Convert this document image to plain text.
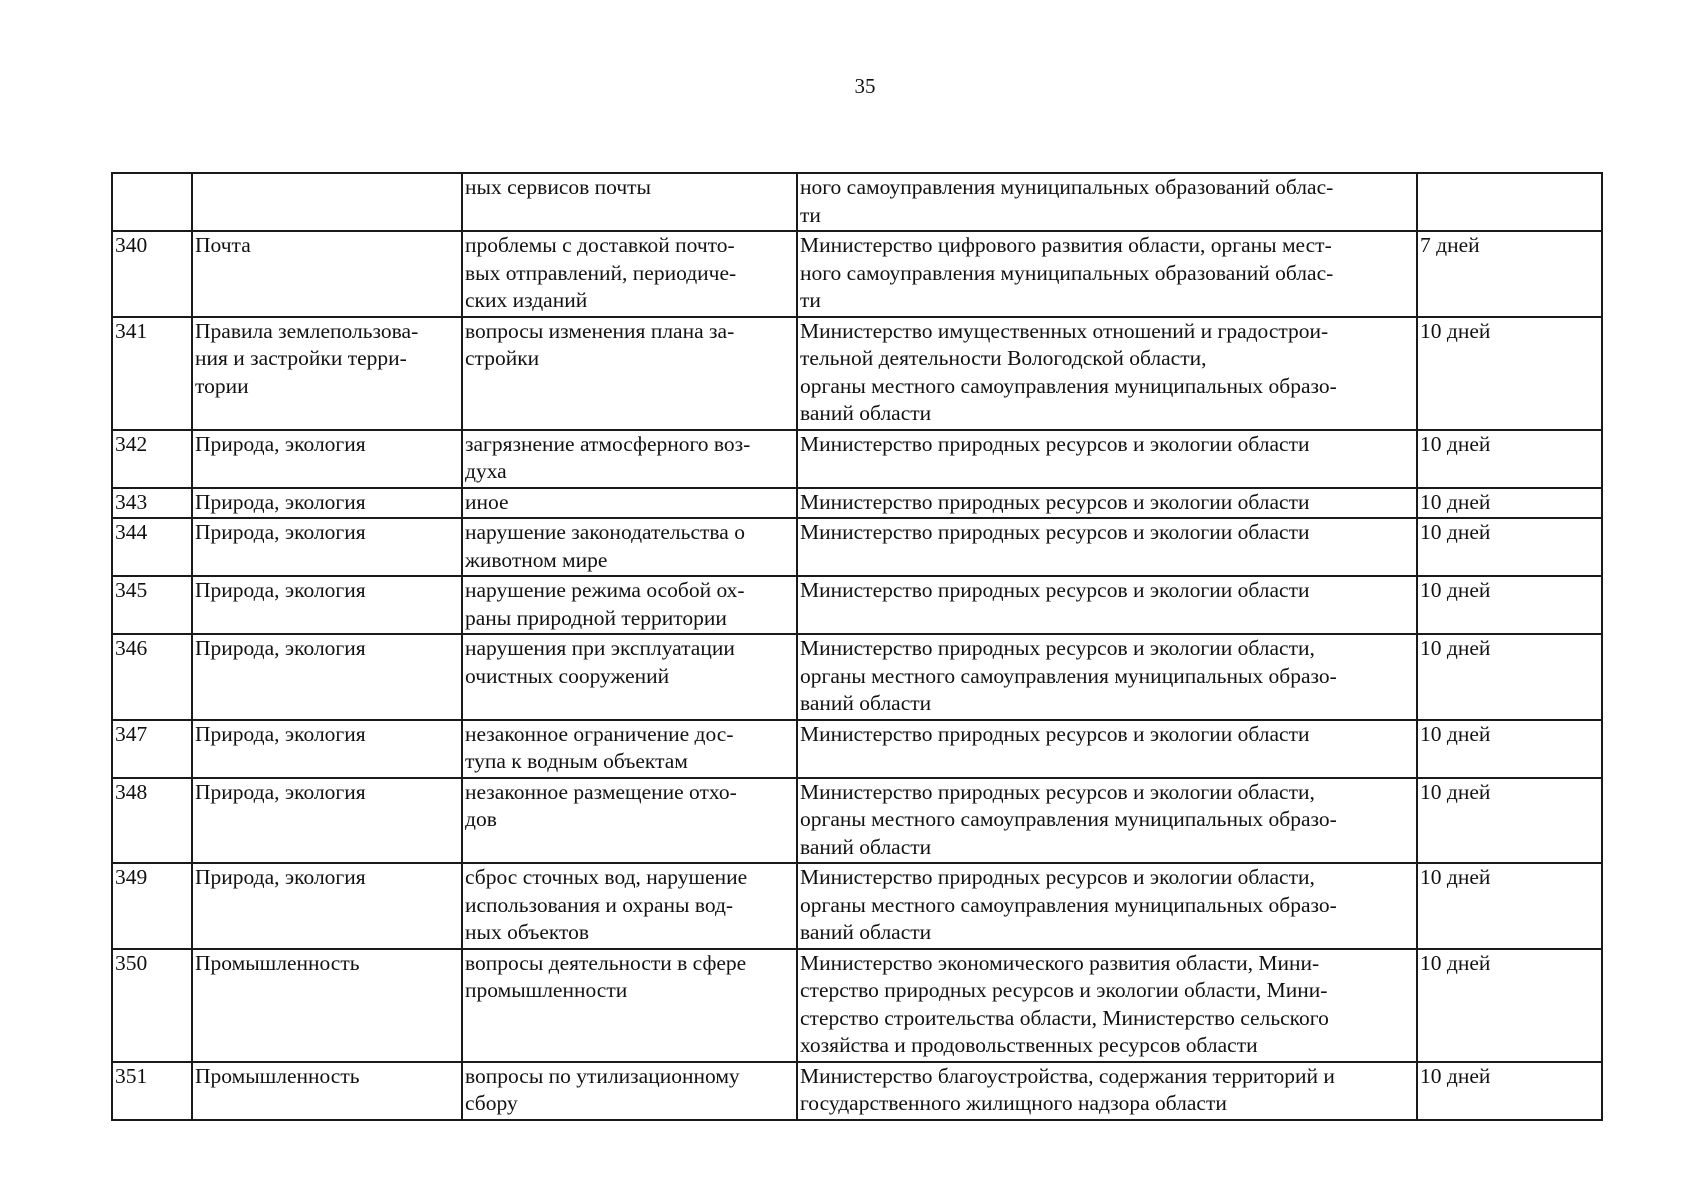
35
		ных сервисов почты	ного самоуправления муниципальных образований облас-
ти	
340	Почта	проблемы с доставкой почто-
вых отправлений, периодиче-
ских изданий	Министерство цифрового развития области, органы мест-
ного самоуправления муниципальных образований облас-
ти	7 дней
341	Правила землепользова-
ния и застройки терри-
тории	вопросы изменения плана за-
стройки	Министерство имущественных отношений и градострои-
тельной деятельности Вологодской области,
органы местного самоуправления муниципальных образо-
ваний области	10 дней
342	Природа, экология	загрязнение атмосферного воз-
духа	Министерство природных ресурсов и экологии области	10 дней
343	Природа, экология	иное	Министерство природных ресурсов и экологии области	10 дней
344	Природа, экология	нарушение законодательства о
животном мире	Министерство природных ресурсов и экологии области	10 дней
345	Природа, экология	нарушение режима особой ох-
раны природной территории	Министерство природных ресурсов и экологии области	10 дней
346	Природа, экология	нарушения при эксплуатации
очистных сооружений	Министерство природных ресурсов и экологии области,
органы местного самоуправления муниципальных образо-
ваний области	10 дней
347	Природа, экология	незаконное ограничение дос-
тупа к водным объектам	Министерство природных ресурсов и экологии области	10 дней
348	Природа, экология	незаконное размещение отхо-
дов	Министерство природных ресурсов и экологии области,
органы местного самоуправления муниципальных образо-
ваний области	10 дней
349	Природа, экология	сброс сточных вод, нарушение
использования и охраны вод-
ных объектов	Министерство природных ресурсов и экологии области,
органы местного самоуправления муниципальных образо-
ваний области	10 дней
350	Промышленность	вопросы деятельности в сфере
промышленности	Министерство экономического развития области, Мини-
стерство природных ресурсов и экологии области, Мини-
стерство строительства области, Министерство сельского
хозяйства и продовольственных ресурсов области	10 дней
351	Промышленность	вопросы по утилизационному
сбору	Министерство благоустройства, содержания территорий и
государственного жилищного надзора области	10 дней
